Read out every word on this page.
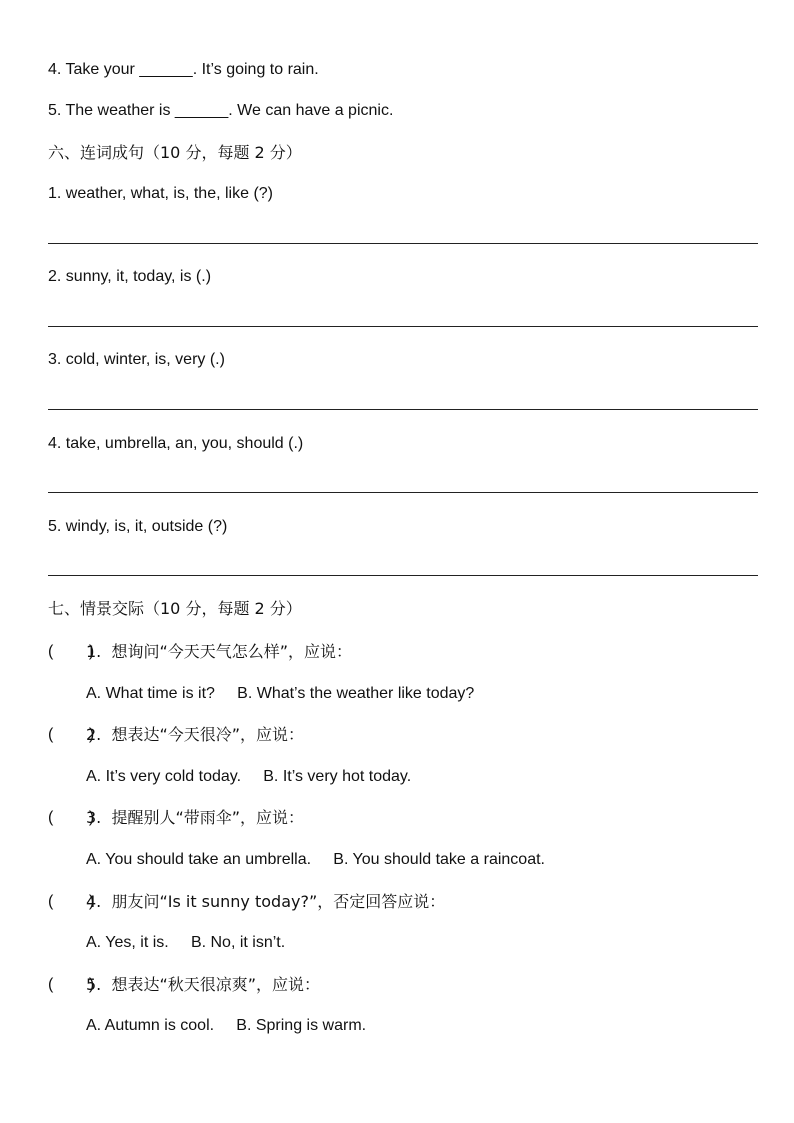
4. Take your ______. It’s going to rain.
5. The weather is ______. We can have a picnic.
六、连词成句（10 分，每题 2 分）
1. weather, what, is, the, like (?)
2. sunny, it, today, is (.)
3. cold, winter, is, very (.)
4. take, umbrella, an, you, should (.)
5. windy, is, it, outside (?)
七、情景交际（10 分，每题 2 分）
(        )
1.  想询问“今天天气怎么样”，应说：
A. What time is it?     B. What’s the weather like today?
(        )
2.  想表达“今天很冷”，应说：
A. It’s very cold today.     B. It’s very hot today.
(        )
3.  提醒别人“带雨伞”，应说：
A. You should take an umbrella.     B. You should take a raincoat.
(        )
4.  朋友问“Is it sunny today?”，否定回答应说：
A. Yes, it is.     B. No, it isn’t.
(        )
5.  想表达“秋天很凉爽”，应说：
A. Autumn is cool.     B. Spring is warm.
